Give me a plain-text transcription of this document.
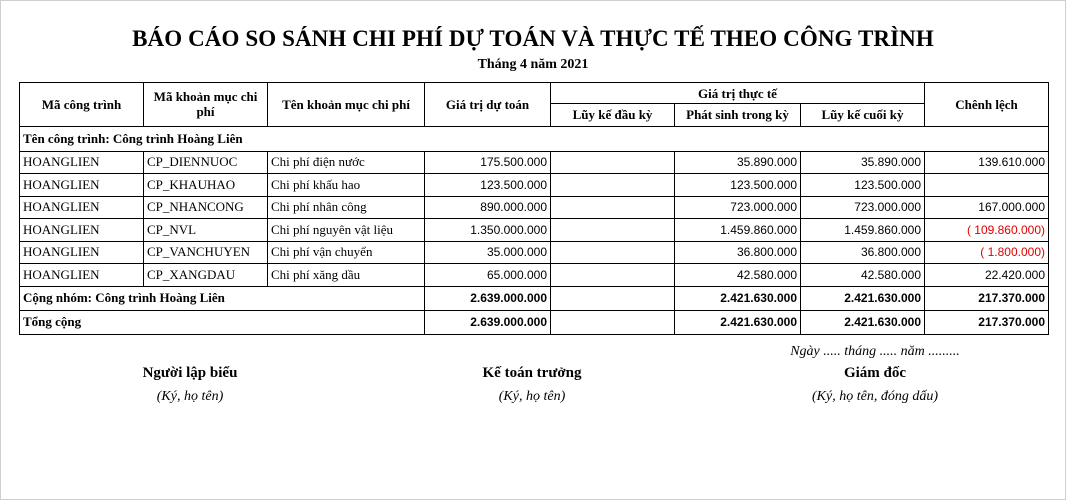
BÁO CÁO SO SÁNH CHI PHÍ DỰ TOÁN VÀ THỰC TẾ THEO CÔNG TRÌNH
Tháng 4 năm 2021
Mã công trình	Mã khoản mục chi phí	Tên khoản mục chi phí	Giá trị dự toán	Giá trị thực tế			Chênh lệch
				Lũy kế đầu kỳ	Phát sinh trong kỳ	Lũy kế cuối kỳ	
Tên công trình: Công trình Hoàng Liên							
HOANGLIEN	CP_DIENNUOC	Chi phí điện nước	175.500.000		35.890.000	35.890.000	139.610.000
HOANGLIEN	CP_KHAUHAO	Chi phí khấu hao	123.500.000		123.500.000	123.500.000	
HOANGLIEN	CP_NHANCONG	Chi phí nhân công	890.000.000		723.000.000	723.000.000	167.000.000
HOANGLIEN	CP_NVL	Chi phí nguyên vật liệu	1.350.000.000		1.459.860.000	1.459.860.000	( 109.860.000)
HOANGLIEN	CP_VANCHUYEN	Chi phí vận chuyển	35.000.000		36.800.000	36.800.000	( 1.800.000)
HOANGLIEN	CP_XANGDAU	Chi phí xăng dầu	65.000.000		42.580.000	42.580.000	22.420.000
Cộng nhóm: Công trình Hoàng Liên			2.639.000.000		2.421.630.000	2.421.630.000	217.370.000
Tổng cộng			2.639.000.000		2.421.630.000	2.421.630.000	217.370.000
Ngày ..... tháng ..... năm .........
Người lập biểu
(Ký, họ tên)
Kế toán trưởng
(Ký, họ tên)
Giám đốc
(Ký, họ tên, đóng dấu)
